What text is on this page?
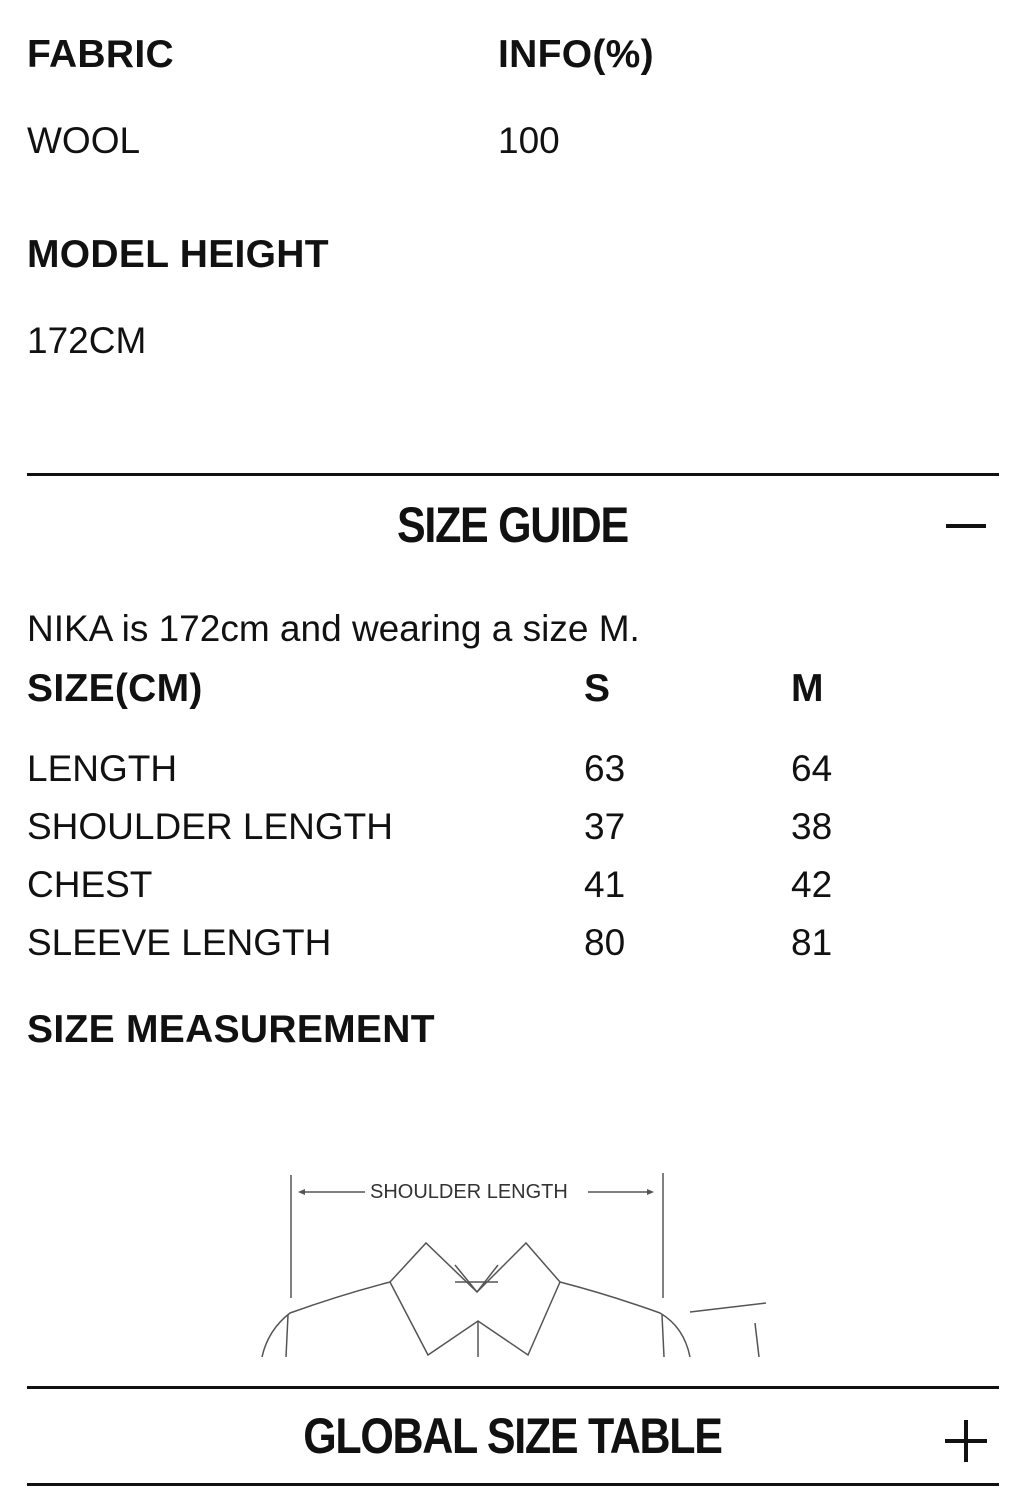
FABRIC	INFO(%)
WOOL	100
MODEL HEIGHT
172CM
SIZE GUIDE
NIKA is 172cm and wearing a size M.
SIZE(CM)	S	M
LENGTH	63	64
SHOULDER LENGTH	37	38
CHEST	41	42
SLEEVE LENGTH	80	81
SIZE MEASUREMENT
SHOULDER LENGTH
GLOBAL SIZE TABLE
